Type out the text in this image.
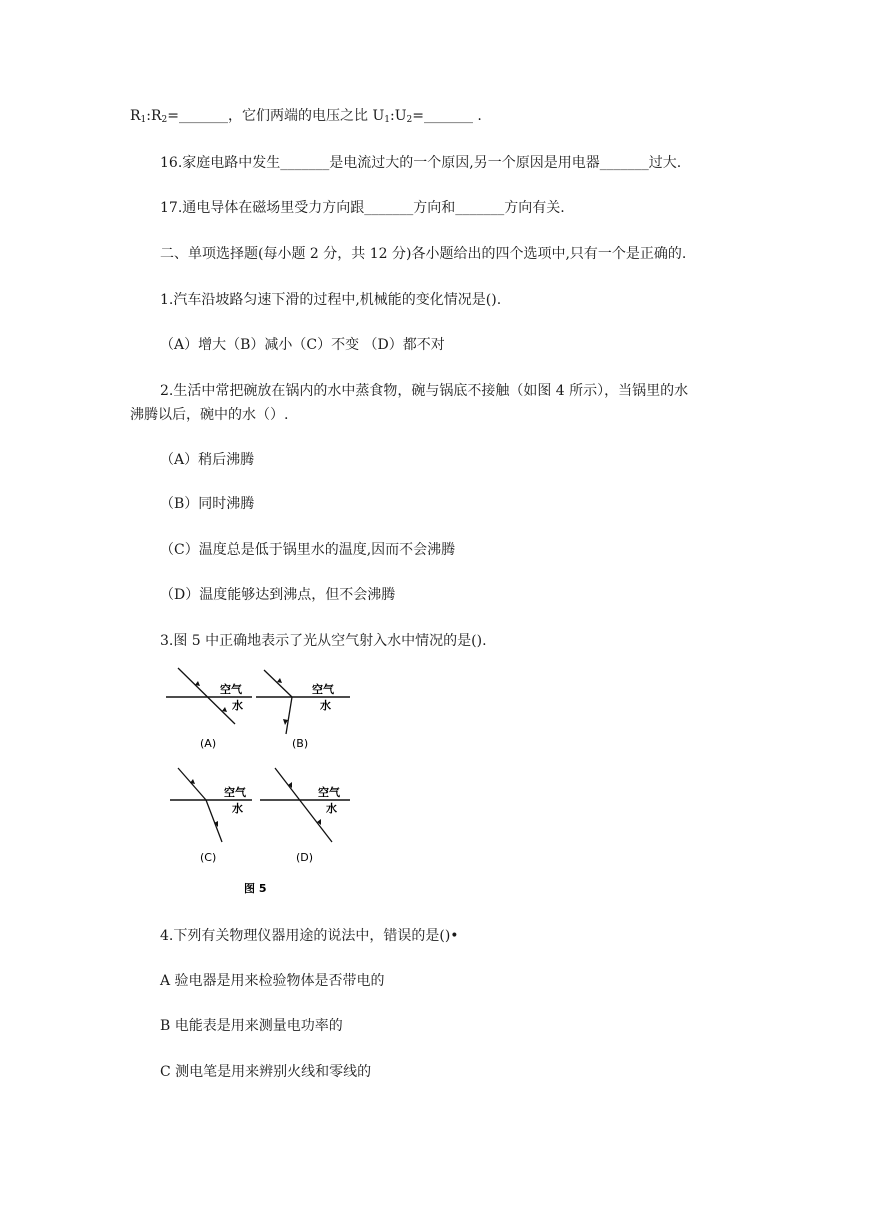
$R_1:R_2=\_\_\_\_\_\_\_$，它们两端的电压之比 $U_1:U_2=\_\_\_\_\_\_\_$ .
16.家庭电路中发生_______是电流过大的一个原因,另一个原因是用电器_______过大.
17.通电导体在磁场里受力方向跟_______方向和_______方向有关.
二、单项选择题(每小题 2 分，共 12 分)各小题给出的四个选项中,只有一个是正确的.
1.汽车沿坡路匀速下滑的过程中,机械能的变化情况是().
（A）增大（B）减小（C）不变 （D）都不对
2.生活中常把碗放在锅内的水中蒸食物，碗与锅底不接触（如图 4 所示），当锅里的水
沸腾以后，碗中的水（）.
（A）稍后沸腾
（B）同时沸腾
（C）温度总是低于锅里水的温度,因而不会沸腾
（D）温度能够达到沸点，但不会沸腾
3.图 5 中正确地表示了光从空气射入水中情况的是().
空气
水
(A)
空气
水
(B)
空气
水
(C)
空气
水
(D)
图 5
4.下列有关物理仪器用途的说法中，错误的是()•
A 验电器是用来检验物体是否带电的
B 电能表是用来测量电功率的
C 测电笔是用来辨别火线和零线的
